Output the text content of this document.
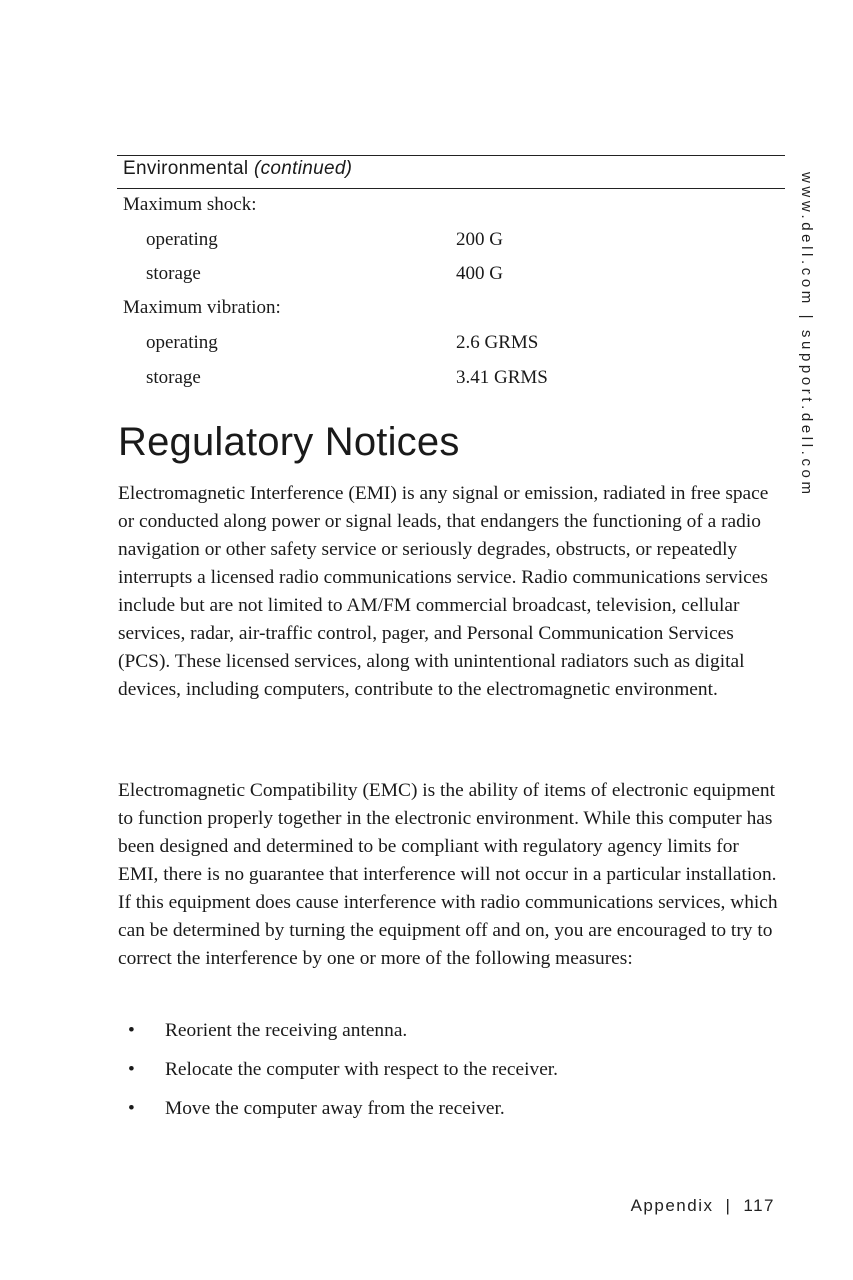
Environmental (continued)
Maximum shock:
operating	200 G
storage	400 G
Maximum vibration:
operating	2.6 GRMS
storage	3.41 GRMS	www.dell.com | support.dell.com
Regulatory Notices

Electromagnetic Interference (EMI) is any signal or emission, radiated in free space or conducted along power or signal leads, that endangers the functioning of a radio navigation or other safety service or seriously degrades, obstructs, or repeatedly interrupts a licensed radio communications service. Radio communications services include but are not limited to AM/FM commercial broadcast, television, cellular services, radar, air-traffic control, pager, and Personal Communication Services (PCS). These licensed services, along with unintentional radiators such as digital devices, including computers, contribute to the electromagnetic environment.

Electromagnetic Compatibility (EMC) is the ability of items of electronic equipment to function properly together in the electronic environment. While this computer has been designed and determined to be compliant with regulatory agency limits for EMI, there is no guarantee that interference will not occur in a particular installation. If this equipment does cause interference with radio communications services, which can be determined by turning the equipment off and on, you are encouraged to try to correct the interference by one or more of the following measures:

• Reorient the receiving antenna.
• Relocate the computer with respect to the receiver.
• Move the computer away from the receiver.
Appendix | 117
